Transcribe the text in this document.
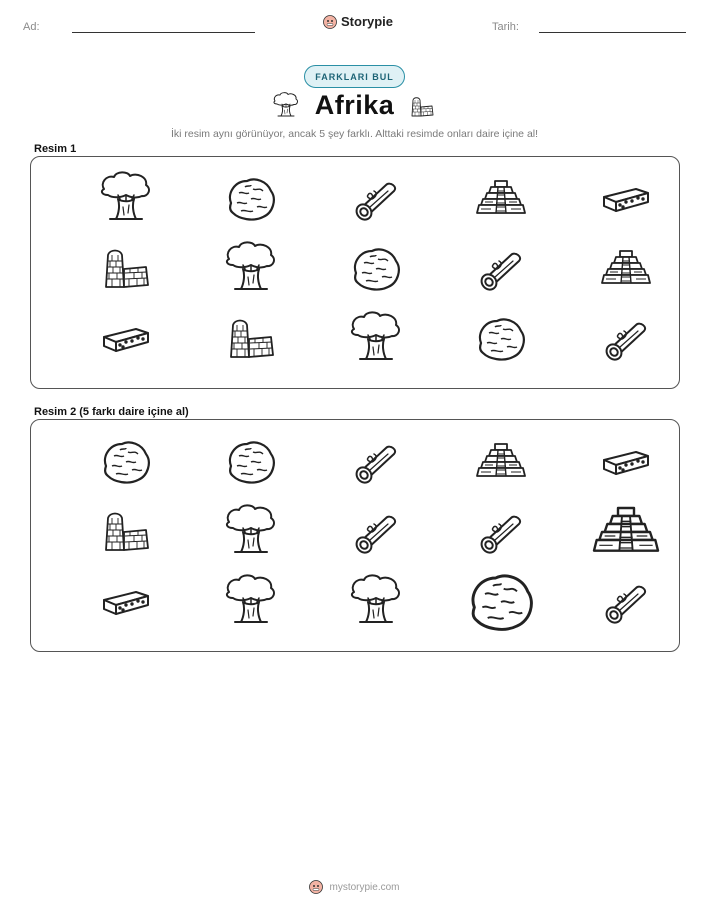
Ad:	Storypie	Tarih:
FARKLARI BUL
Afrika
İki resim aynı görünüyor, ancak 5 şey farklı. Alttaki resimde onları daire içine al!
Resim 1
Resim 2 (5 farkı daire içine al)
mystorypie.com
